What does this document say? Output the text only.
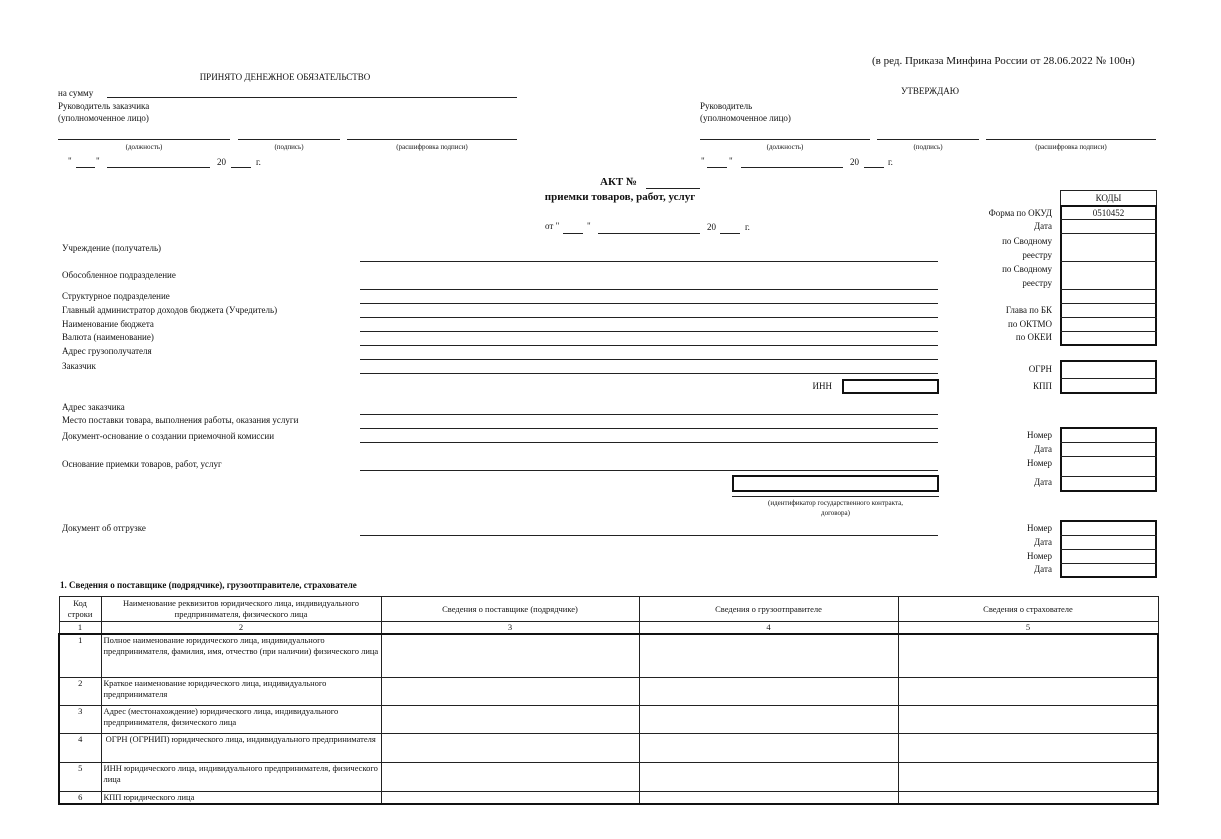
(в ред. Приказа Минфина России от 28.06.2022 № 100н)
ПРИНЯТО ДЕНЕЖНОЕ ОБЯЗАТЕЛЬСТВО
на сумму
Руководитель заказчика
(уполномоченное лицо)
(должность)	(подпись)	(расшифровка подписи)
"	"	20	г.
УТВЕРЖДАЮ
Руководитель
(уполномоченное лицо)
(должность)	(подпись)	(расшифровка подписи)
"	"	20	г.
АКТ №
приемки товаров, работ, услуг
от "	"	20	г.
КОДЫ
0510452
Форма по ОКУД
Дата
по Сводному
реестру
по Сводному
реестру
Глава по БК
по ОКТМО
по ОКЕИ
Учреждение (получатель)
Обособленное подразделение
Структурное подразделение
Главный администратор доходов бюджета (Учредитель)
Наименование бюджета
Валюта (наименование)
Адрес грузополучателя
Заказчик
ИНН
ОГРН
КПП
Адрес заказчика
Место поставки товара, выполнения работы, оказания услуги
Документ-основание о создании приемочной комиссии
Основание приемки товаров, работ, услуг
(идентификатор государственного контракта,
договора)
Документ об отгрузке
Номер
Дата
Номер
Дата
Номер
Дата
Номер
Дата
1. Сведения о поставщике (подрядчике), грузоотправителе, страхователе
Код строки	Наименование реквизитов юридического лица, индивидуального предпринимателя, физического лица	Сведения о поставщике (подрядчике)	Сведения о грузоотправителе	Сведения о страхователе
1	2	3	4	5
1	Полное наименование юридического лица, индивидуального предпринимателя, фамилия, имя, отчество (при наличии) физического лица			
2	Краткое наименование юридического лица, индивидуального предпринимателя			
3	Адрес (местонахождение) юридического лица, индивидуального предпринимателя, физического лица			
4	ОГРН (ОГРНИП) юридического лица, индивидуального предпринимателя			
5	ИНН юридического лица, индивидуального предпринимателя, физического лица			
6	КПП юридического лица			
